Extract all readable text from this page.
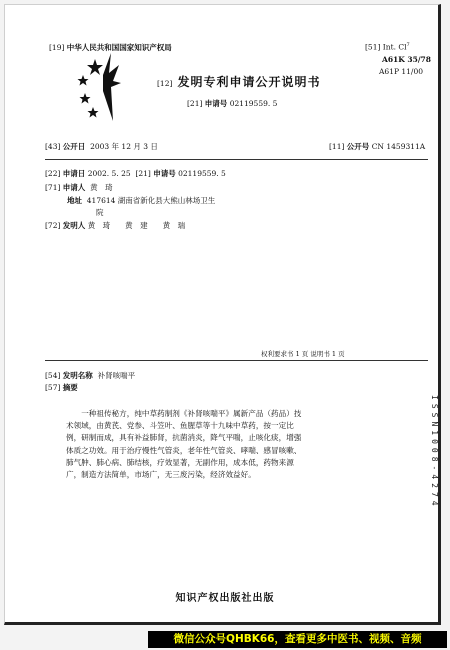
[19] 中华人民共和国国家知识产权局	[51] Int. Cl$^7$
A61K 35/78
A61P 11/00
[12] 发明专利申请公开说明书
[21] 申请号 02119559. 5
[43] 公开日 2003 年 12 月 3 日	[11] 公开号 CN 1459311A
[22] 申请日 2002. 5. 25 [21] 申请号 02119559. 5
[71] 申请人 黄　琦
地址 417614 湖南省新化县大熊山林场卫生
院
[72] 发明人 黄　琦　　黄　建　　黄　瑞
权利要求书 1 页 说明书 1 页
[54] 发明名称 补肾咳喘平
[57] 摘要
一种祖传秘方，纯中草药制剂《补肾咳喘平》属新产品（药品）技术领域，由黄芪、党参、斗笠叶、鱼腥草等十九味中草药，按一定比例，研制而成，具有补益肺肾，抗菌消炎，降气平喘，止咳化痰，增强体质之功效。用于治疗慢性气管炎，老年性气管炎、哮喘、感冒咳嗽、肺气肿、肺心病、肺结核，疗效显著，无副作用，成本低，药物来源广，制造方法简单，市场广，无三废污染，经济效益好。	ISSN1008-4274
知识产权出版社出版
微信公众号QHBK66，查看更多中医书、视频、音频
